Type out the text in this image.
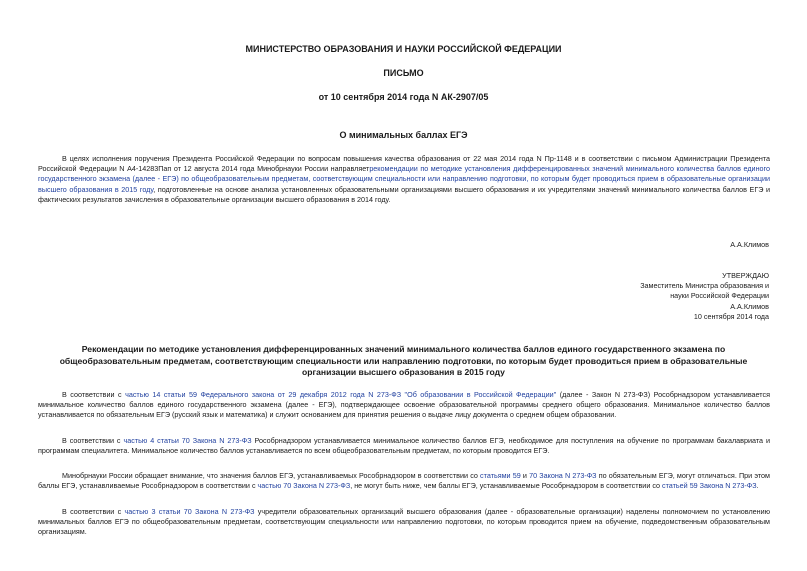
МИНИСТЕРСТВО ОБРАЗОВАНИЯ И НАУКИ РОССИЙСКОЙ ФЕДЕРАЦИИ
ПИСЬМО
от 10 сентября 2014 года N АК-2907/05
О минимальных баллах ЕГЭ

В целях исполнения поручения Президента Российской Федерации по вопросам повышения качества образования от 22 мая 2014 года N Пр-1148 и в соответствии с письмом Администрации Президента Российской Федерации N А4-14283Пап от 12 августа 2014 года Минобрнауки России направляетрекомендации по методике установления дифференцированных значений минимального количества баллов единого государственного экзамена (далее - ЕГЭ) по общеобразовательным предметам, соответствующим специальности или направлению подготовки, по которым будет проводиться прием в образовательные организации высшего образования в 2015 году, подготовленные на основе анализа установленных образовательными организациями высшего образования и их учредителями значений минимального количества баллов ЕГЭ и фактических результатов зачисления в образовательные организации высшего образования в 2014 году.

А.А.Климов
УТВЕРЖДАЮ
Заместитель Министра образования и
науки Российской Федерации
А.А.Климов
10 сентября 2014 года
Рекомендации по методике установления дифференцированных значений минимального количества баллов единого государственного экзамена по общеобразовательным предметам, соответствующим специальности или направлению подготовки, по которым будет проводиться прием в образовательные организации высшего образования в 2015 году

В соответствии с частью 14 статьи 59 Федерального закона от 29 декабря 2012 года N 273-ФЗ "Об образовании в Российской Федерации" (далее - Закон N 273-ФЗ) Рособрнадзором устанавливается минимальное количество баллов единого государственного экзамена (далее - ЕГЭ), подтверждающее освоение образовательной программы среднего общего образования. Минимальное количество баллов устанавливается по обязательным ЕГЭ (русский язык и математика) и служит основанием для принятия решения о выдаче лицу документа о среднем общем образовании.

В соответствии с частью 4 статьи 70 Закона N 273-ФЗ Рособрнадзором устанавливается минимальное количество баллов ЕГЭ, необходимое для поступления на обучение по программам бакалавриата и программам специалитета. Минимальное количество баллов устанавливается по всем общеобразовательным предметам, по которым проводится ЕГЭ.

Минобрнауки России обращает внимание, что значения баллов ЕГЭ, устанавливаемых Рособрнадзором в соответствии со статьями 59 и 70 Закона N 273-ФЗ по обязательным ЕГЭ, могут отличаться. При этом баллы ЕГЭ, устанавливаемые Рособрнадзором в соответствии с частью 70 Закона N 273-ФЗ, не могут быть ниже, чем баллы ЕГЭ, устанавливаемые Рособрнадзором в соответствии со статьей 59 Закона N 273-ФЗ.

В соответствии с частью 3 статьи 70 Закона N 273-ФЗ учредители образовательных организаций высшего образования (далее - образовательные организации) наделены полномочием по установлению минимальных баллов ЕГЭ по общеобразовательным предметам, соответствующим специальности или направлению подготовки, по которым проводится прием на обучение, подведомственным образовательным организациям.
